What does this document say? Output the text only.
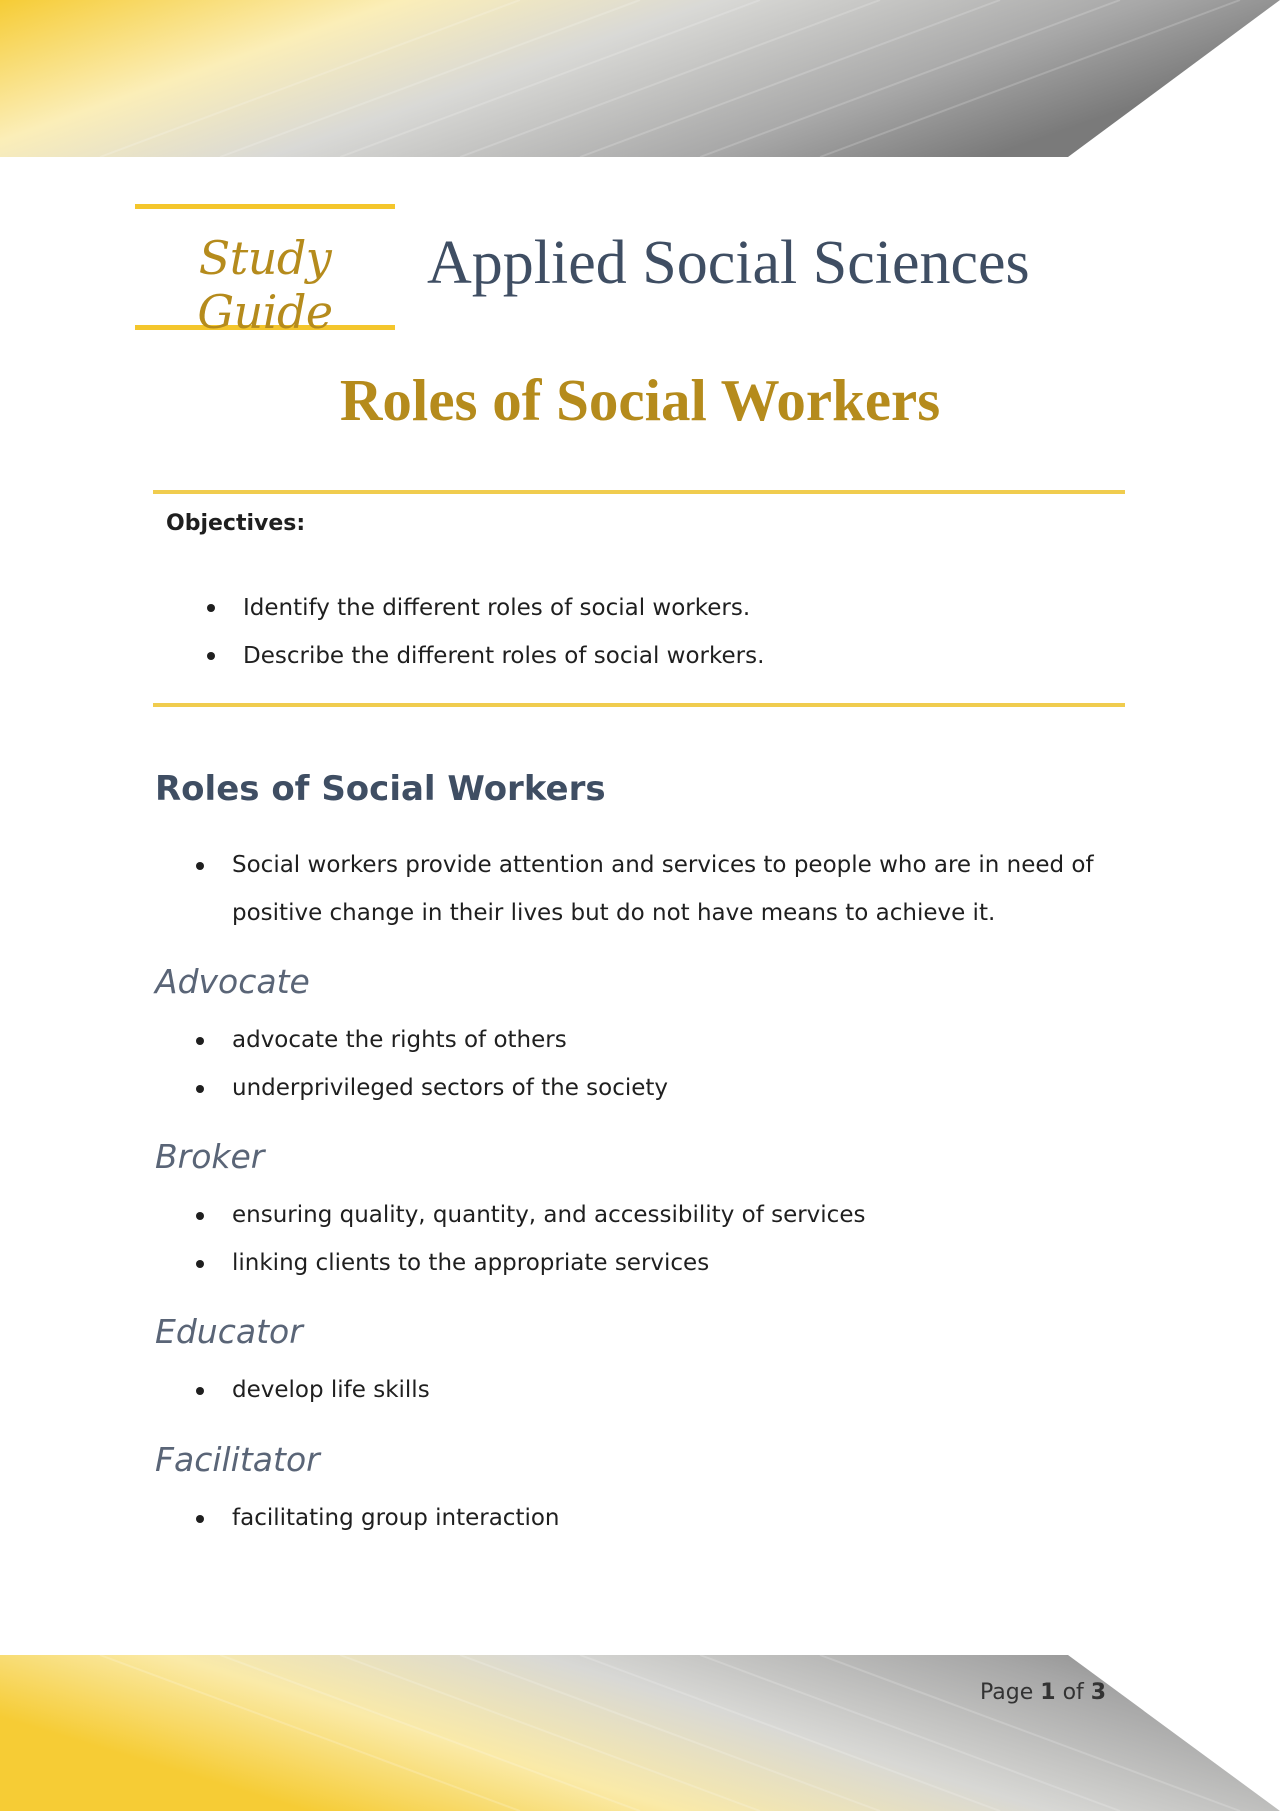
Study Guide
Applied Social Sciences
Roles of Social Workers
Objectives:
Identify the different roles of social workers.
Describe the different roles of social workers.
Roles of Social Workers
Social workers provide attention and services to people who are in need of positive change in their lives but do not have means to achieve it.
Advocate
advocate the rights of others
underprivileged sectors of the society
Broker
ensuring quality, quantity, and accessibility of services
linking clients to the appropriate services
Educator
develop life skills
Facilitator
facilitating group interaction
Page 1 of 3
